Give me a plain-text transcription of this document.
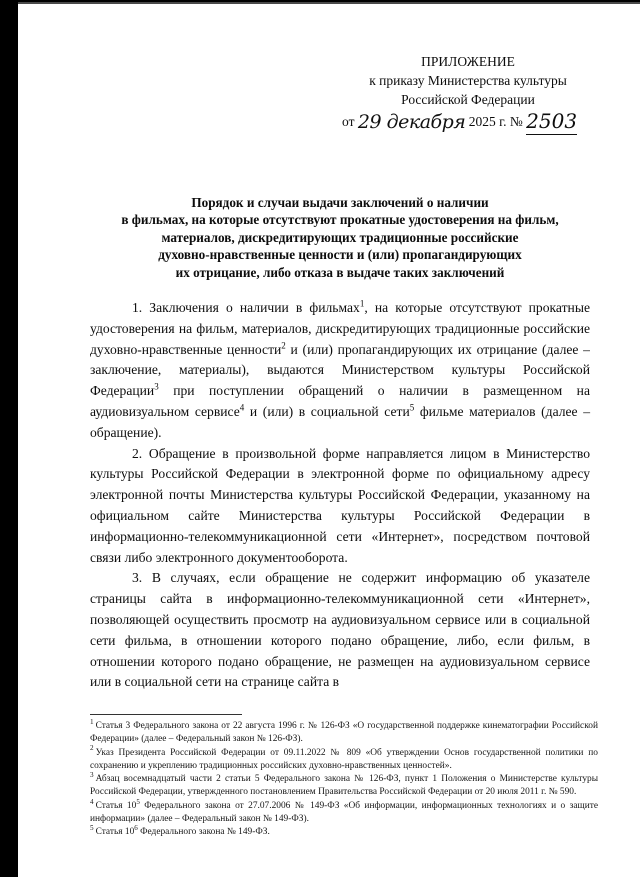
ПРИЛОЖЕНИЕ
к приказу Министерства культуры
Российской Федерации
от 29 декабря 2025 г. № 2503
Порядок и случаи выдачи заключений о наличии
в фильмах, на которые отсутствуют прокатные удостоверения на фильм,
материалов, дискредитирующих традиционные российские
духовно-нравственные ценности и (или) пропагандирующих
их отрицание, либо отказа в выдаче таких заключений

1. Заключения о наличии в фильмах$^1$, на которые отсутствуют прокатные удостоверения на фильм, материалов, дискредитирующих традиционные российские духовно-нравственные ценности$^2$ и (или) пропагандирующих их отрицание (далее – заключение, материалы), выдаются Министерством культуры Российской Федерации$^3$ при поступлении обращений о наличии в размещенном на аудиовизуальном сервисе$^4$ и (или) в социальной сети$^5$ фильме материалов (далее – обращение).

2. Обращение в произвольной форме направляется лицом в Министерство культуры Российской Федерации в электронной форме по официальному адресу электронной почты Министерства культуры Российской Федерации, указанному на официальном сайте Министерства культуры Российской Федерации в информационно-телекоммуникационной сети «Интернет», посредством почтовой связи либо электронного документооборота.

3. В случаях, если обращение не содержит информацию об указателе страницы сайта в информационно-телекоммуникационной сети «Интернет», позволяющей осуществить просмотр на аудиовизуальном сервисе или в социальной сети фильма, в отношении которого подано обращение, либо, если фильм, в отношении которого подано обращение, не размещен на аудиовизуальном сервисе или в социальной сети на странице сайта в

$^1$ Статья 3 Федерального закона от 22 августа 1996 г. № 126-ФЗ «О государственной поддержке кинематографии Российской Федерации» (далее – Федеральный закон № 126-ФЗ).

$^2$ Указ Президента Российской Федерации от 09.11.2022 № 809 «Об утверждении Основ государственной политики по сохранению и укреплению традиционных российских духовно-нравственных ценностей».

$^3$ Абзац восемнадцатый части 2 статьи 5 Федерального закона № 126-ФЗ, пункт 1 Положения о Министерстве культуры Российской Федерации, утвержденного постановлением Правительства Российской Федерации от 20 июля 2011 г. № 590.

$^4$ Статья $10^5$ Федерального закона от 27.07.2006 № 149-ФЗ «Об информации, информационных технологиях и о защите информации» (далее – Федеральный закон № 149-ФЗ).

$^5$ Статья $10^6$ Федерального закона № 149-ФЗ.
